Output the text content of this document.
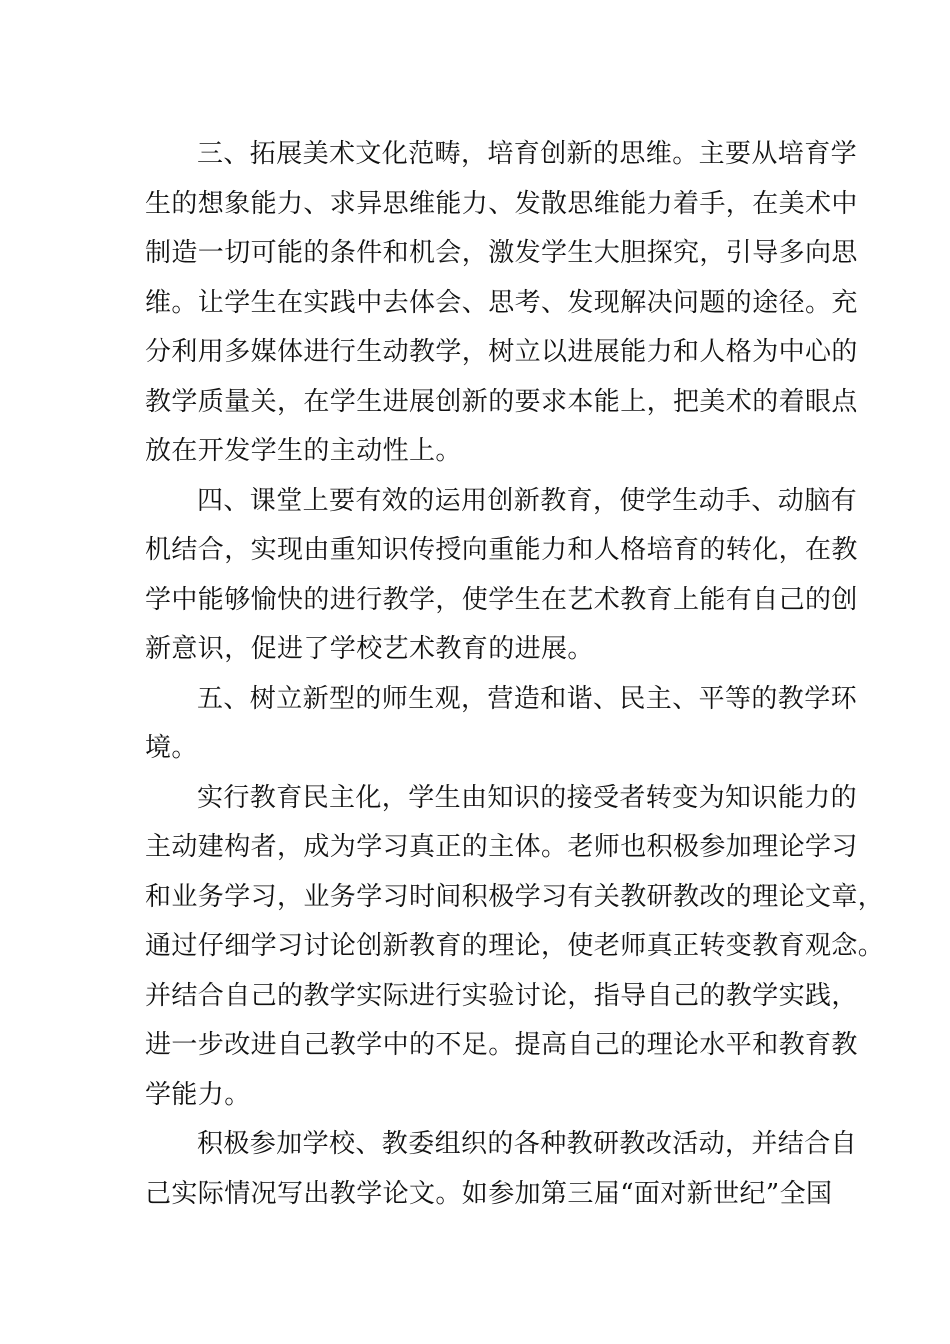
三、拓展美术文化范畴，培育创新的思维。主要从培育学
生的想象能力、求异思维能力、发散思维能力着手，在美术中
制造一切可能的条件和机会，激发学生大胆探究，引导多向思
维。让学生在实践中去体会、思考、发现解决问题的途径。充
分利用多媒体进行生动教学，树立以进展能力和人格为中心的
教学质量关，在学生进展创新的要求本能上，把美术的着眼点
放在开发学生的主动性上。
四、课堂上要有效的运用创新教育，使学生动手、动脑有
机结合，实现由重知识传授向重能力和人格培育的转化，在教
学中能够愉快的进行教学，使学生在艺术教育上能有自己的创
新意识，促进了学校艺术教育的进展。
五、树立新型的师生观，营造和谐、民主、平等的教学环
境。
实行教育民主化，学生由知识的接受者转变为知识能力的
主动建构者，成为学习真正的主体。老师也积极参加理论学习
和业务学习，业务学习时间积极学习有关教研教改的理论文章，
通过仔细学习讨论创新教育的理论，使老师真正转变教育观念。
并结合自己的教学实际进行实验讨论，指导自己的教学实践，
进一步改进自己教学中的不足。提高自己的理论水平和教育教
学能力。
积极参加学校、教委组织的各种教研教改活动，并结合自
己实际情况写出教学论文。如参加第三届“面对新世纪”全国
